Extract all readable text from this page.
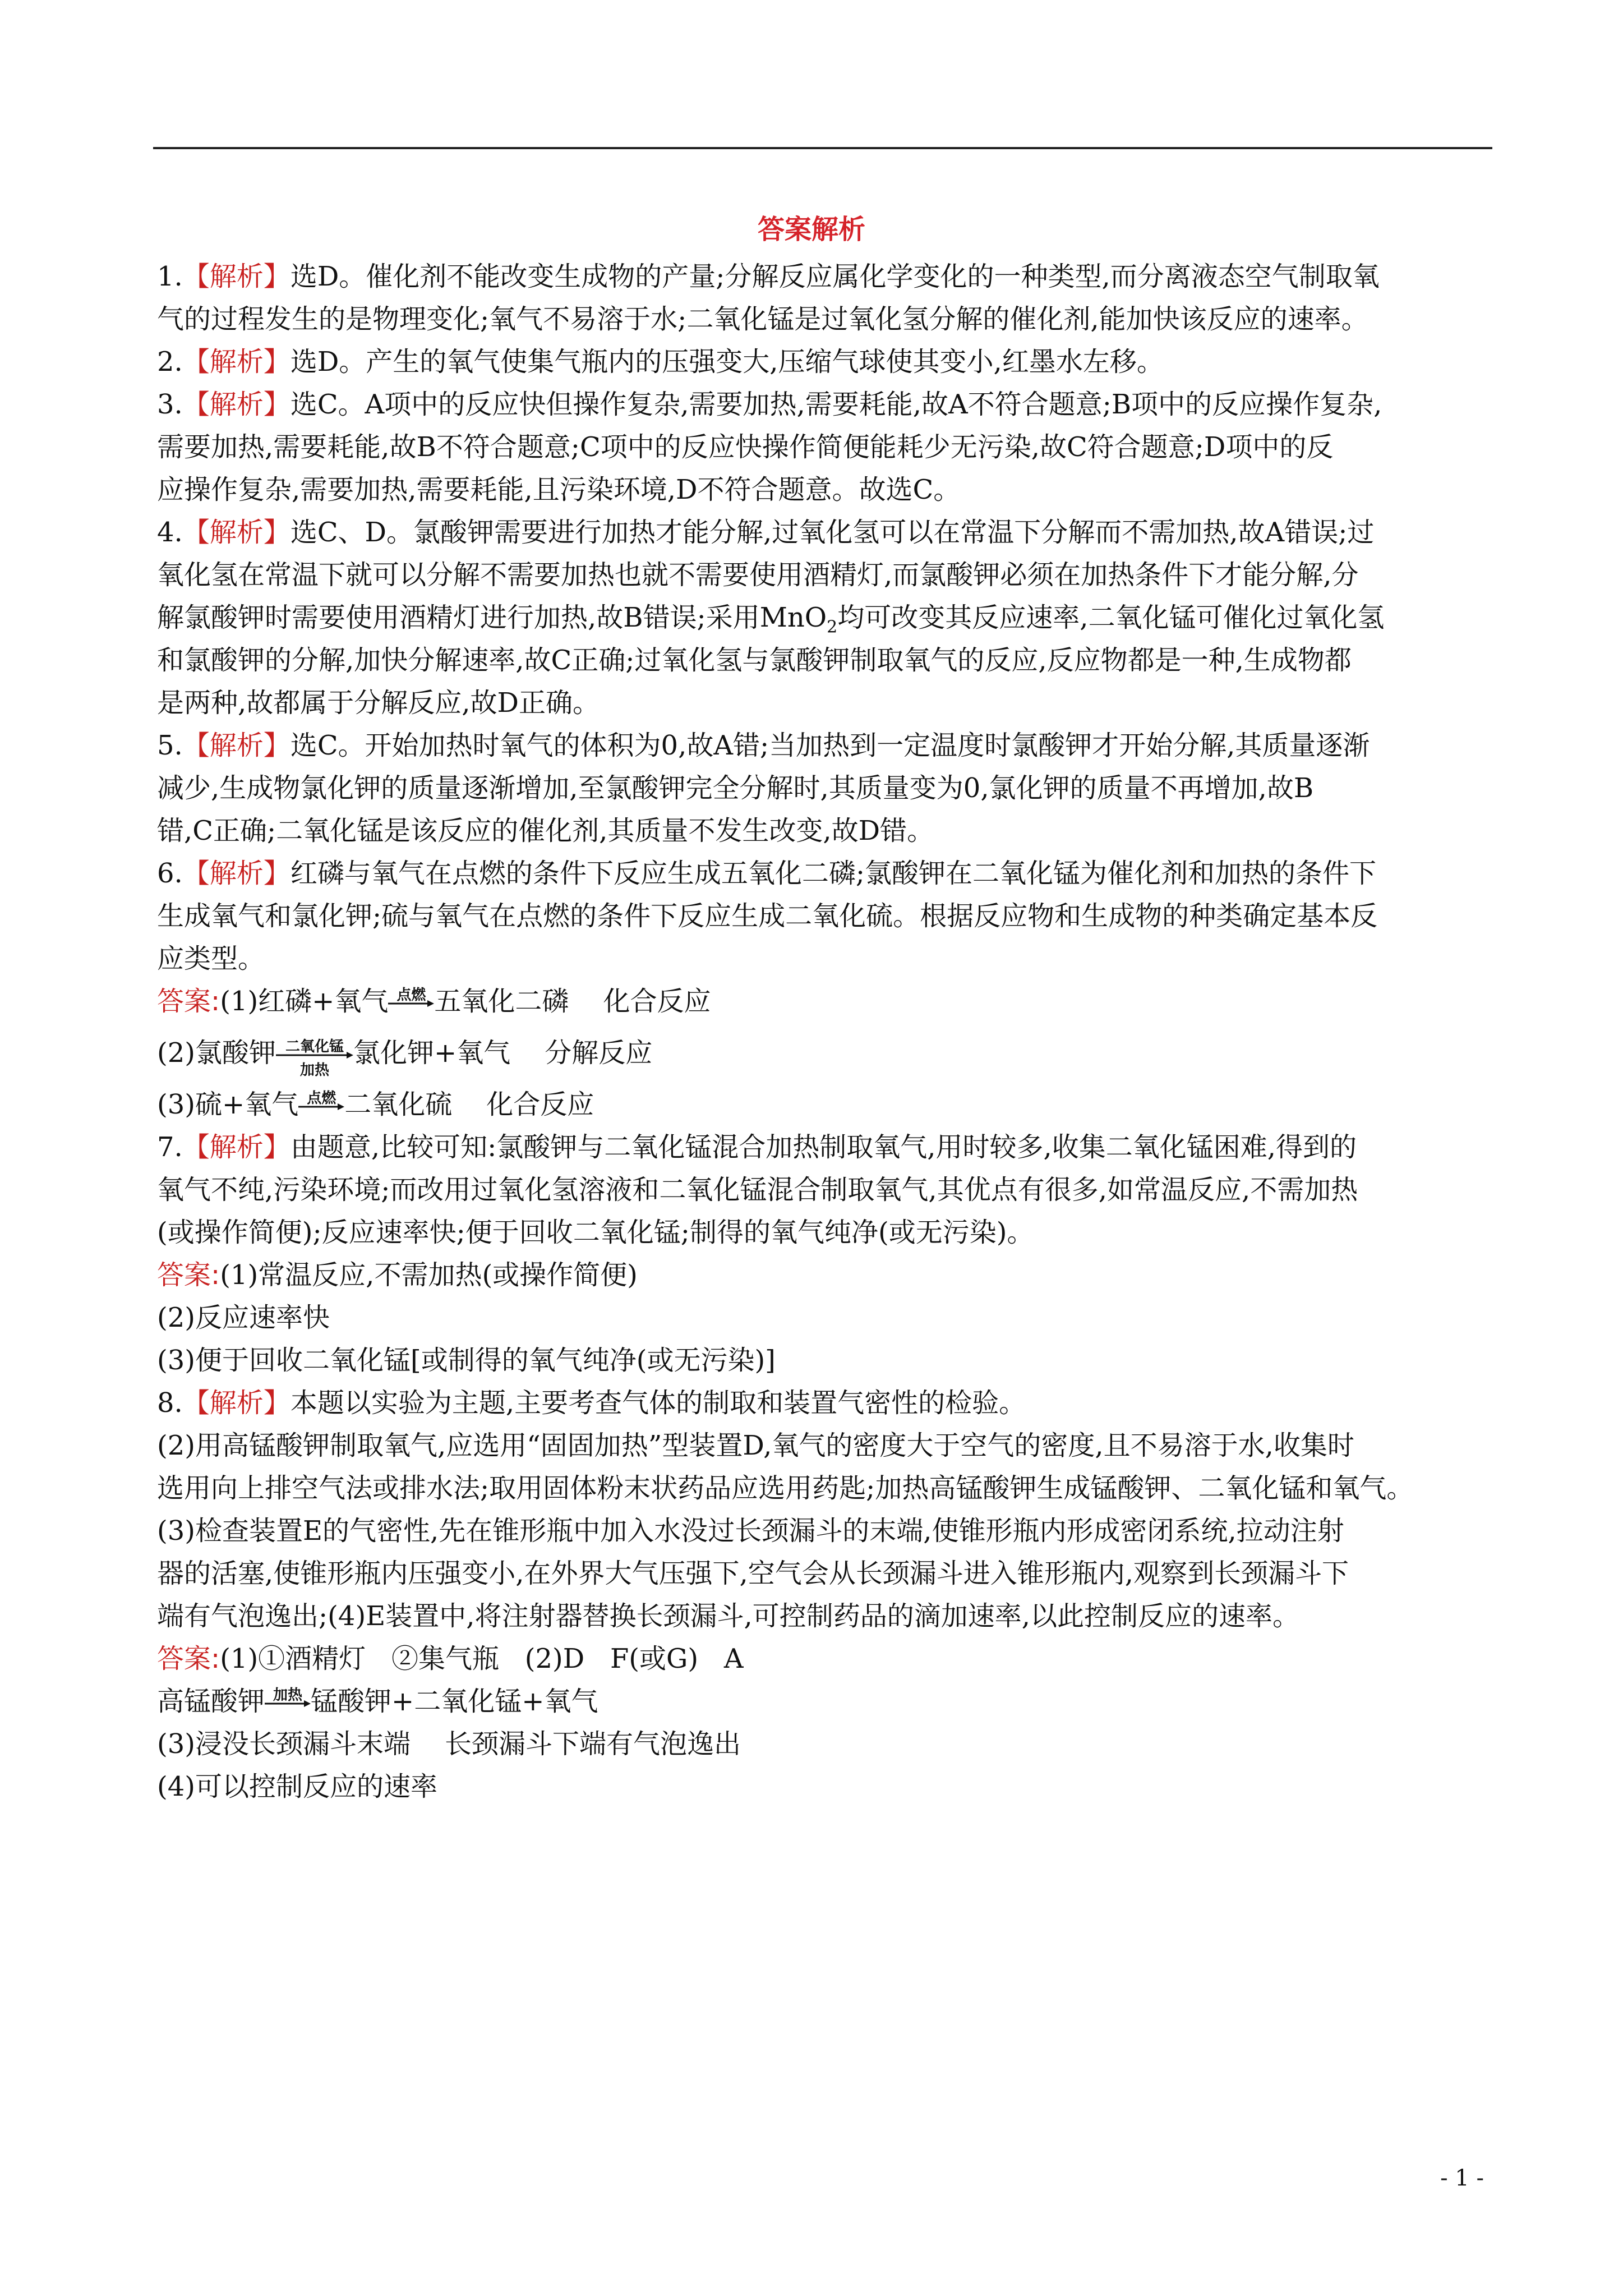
答案解析
1.【解析】选D。催化剂不能改变生成物的产量;分解反应属化学变化的一种类型,而分离液态空气制取氧
气的过程发生的是物理变化;氧气不易溶于水;二氧化锰是过氧化氢分解的催化剂,能加快该反应的速率。
2.【解析】选D。产生的氧气使集气瓶内的压强变大,压缩气球使其变小,红墨水左移。
3.【解析】选C。A项中的反应快但操作复杂,需要加热,需要耗能,故A不符合题意;B项中的反应操作复杂,
需要加热,需要耗能,故B不符合题意;C项中的反应快操作简便能耗少无污染,故C符合题意;D项中的反
应操作复杂,需要加热,需要耗能,且污染环境,D不符合题意。故选C。
4.【解析】选C、D。氯酸钾需要进行加热才能分解,过氧化氢可以在常温下分解而不需加热,故A错误;过
氧化氢在常温下就可以分解不需要加热也就不需要使用酒精灯,而氯酸钾必须在加热条件下才能分解,分
解氯酸钾时需要使用酒精灯进行加热,故B错误;采用MnO$_2$均可改变其反应速率,二氧化锰可催化过氧化氢
和氯酸钾的分解,加快分解速率,故C正确;过氧化氢与氯酸钾制取氧气的反应,反应物都是一种,生成物都
是两种,故都属于分解反应,故D正确。
5.【解析】选C。开始加热时氧气的体积为0,故A错;当加热到一定温度时氯酸钾才开始分解,其质量逐渐
减少,生成物氯化钾的质量逐渐增加,至氯酸钾完全分解时,其质量变为0,氯化钾的质量不再增加,故B
错,C正确;二氧化锰是该反应的催化剂,其质量不发生改变,故D错。
6.【解析】红磷与氧气在点燃的条件下反应生成五氧化二磷;氯酸钾在二氧化锰为催化剂和加热的条件下
生成氧气和氯化钾;硫与氧气在点燃的条件下反应生成二氧化硫。根据反应物和生成物的种类确定基本反
应类型。
答案:(1)红磷+氧气 点燃 五氧化二磷    化合反应
(2)氯酸钾 二氧化锰
加热
氯化钾+氧气    分解反应
(3)硫+氧气 点燃 二氧化硫    化合反应
7.【解析】由题意,比较可知:氯酸钾与二氧化锰混合加热制取氧气,用时较多,收集二氧化锰困难,得到的
氧气不纯,污染环境;而改用过氧化氢溶液和二氧化锰混合制取氧气,其优点有很多,如常温反应,不需加热
(或操作简便);反应速率快;便于回收二氧化锰;制得的氧气纯净(或无污染)。
答案:(1)常温反应,不需加热(或操作简便)
(2)反应速率快
(3)便于回收二氧化锰[或制得的氧气纯净(或无污染)]
8.【解析】本题以实验为主题,主要考查气体的制取和装置气密性的检验。
(2)用高锰酸钾制取氧气,应选用“固固加热”型装置D,氧气的密度大于空气的密度,且不易溶于水,收集时
选用向上排空气法或排水法;取用固体粉末状药品应选用药匙;加热高锰酸钾生成锰酸钾、二氧化锰和氧气。
(3)检查装置E的气密性,先在锥形瓶中加入水没过长颈漏斗的末端,使锥形瓶内形成密闭系统,拉动注射
器的活塞,使锥形瓶内压强变小,在外界大气压强下,空气会从长颈漏斗进入锥形瓶内,观察到长颈漏斗下
端有气泡逸出;(4)E装置中,将注射器替换长颈漏斗,可控制药品的滴加速率,以此控制反应的速率。
答案:(1)①酒精灯   ②集气瓶   (2)D   F(或G)   A
高锰酸钾 加热 锰酸钾+二氧化锰+氧气
(3)浸没长颈漏斗末端    长颈漏斗下端有气泡逸出
(4)可以控制反应的速率
- 1 -
